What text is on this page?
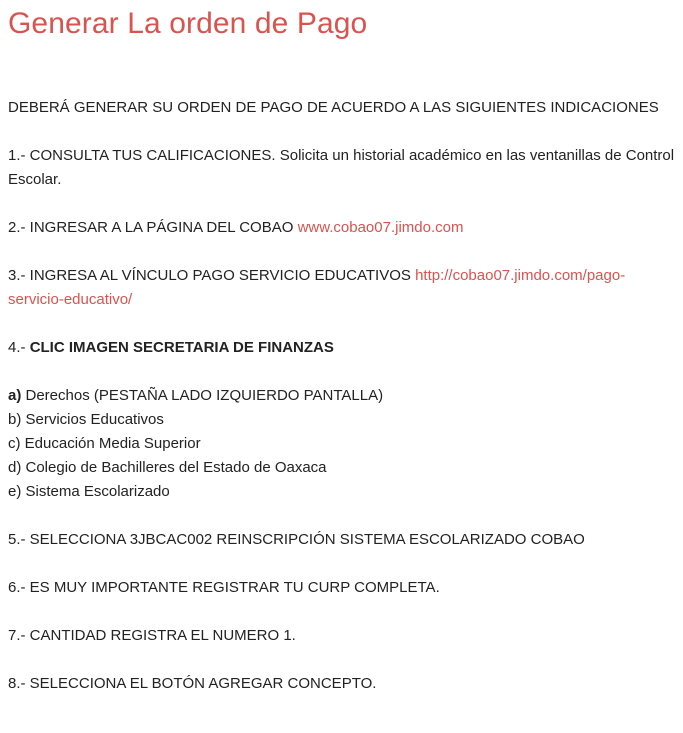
Generar La orden de Pago

DEBERÁ GENERAR SU ORDEN DE PAGO DE ACUERDO A LAS SIGUIENTES INDICACIONES

1.- CONSULTA TUS CALIFICACIONES. Solicita un historial académico en las ventanillas de Control Escolar.

2.- INGRESAR A LA PÁGINA DEL COBAO www.cobao07.jimdo.com

3.- INGRESA AL VÍNCULO PAGO SERVICIO EDUCATIVOS http://cobao07.jimdo.com/pago-servicio-educativo/

4.- CLIC IMAGEN SECRETARIA DE FINANZAS

a) Derechos (PESTAÑA LADO IZQUIERDO PANTALLA)
b) Servicios Educativos
c) Educación Media Superior
d) Colegio de Bachilleres del Estado de Oaxaca
e) Sistema Escolarizado

5.- SELECCIONA 3JBCAC002 REINSCRIPCIÓN SISTEMA ESCOLARIZADO COBAO

6.- ES MUY IMPORTANTE REGISTRAR TU CURP COMPLETA.

7.- CANTIDAD REGISTRA EL NUMERO 1.

8.- SELECCIONA EL BOTÓN AGREGAR CONCEPTO.
